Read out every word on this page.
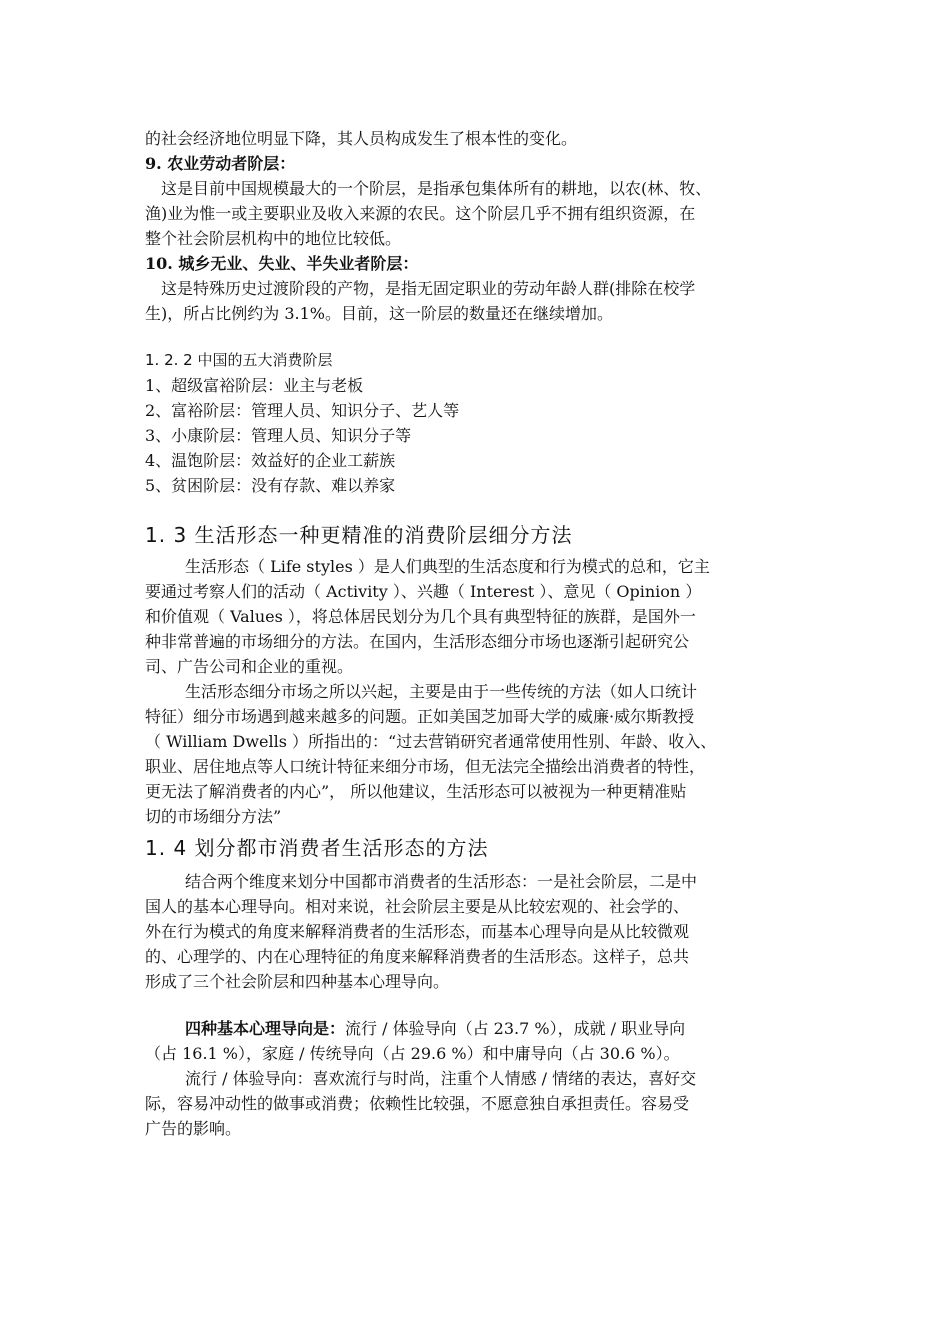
的社会经济地位明显下降，其人员构成发生了根本性的变化。
9. 农业劳动者阶层：
这是目前中国规模最大的一个阶层，是指承包集体所有的耕地，以农(林、牧、
渔)业为惟一或主要职业及收入来源的农民。这个阶层几乎不拥有组织资源，在
整个社会阶层机构中的地位比较低。
10. 城乡无业、失业、半失业者阶层：
这是特殊历史过渡阶段的产物，是指无固定职业的劳动年龄人群(排除在校学
生)，所占比例约为 3.1%。目前，这一阶层的数量还在继续增加。
1. 2. 2 中国的五大消费阶层
1、超级富裕阶层：业主与老板
2、富裕阶层：管理人员、知识分子、艺人等
3、小康阶层：管理人员、知识分子等
4、温饱阶层：效益好的企业工薪族
5、贫困阶层：没有存款、难以养家
1. 3 生活形态一种更精准的消费阶层细分方法
生活形态（ Life styles ）是人们典型的生活态度和行为模式的总和，它主
要通过考察人们的活动（ Activity ）、兴趣（ Interest ）、意见（ Opinion ）
和价值观（ Values ），将总体居民划分为几个具有典型特征的族群，是国外一
种非常普遍的市场细分的方法。在国内，生活形态细分市场也逐渐引起研究公
司、广告公司和企业的重视。
生活形态细分市场之所以兴起，主要是由于一些传统的方法（如人口统计
特征）细分市场遇到越来越多的问题。正如美国芝加哥大学的威廉·威尔斯教授
（ William Dwells ）所指出的：“过去营销研究者通常使用性别、年龄、收入、
职业、居住地点等人口统计特征来细分市场，但无法完全描绘出消费者的特性，
更无法了解消费者的内心”， 所以他建议，生活形态可以被视为一种更精准贴
切的市场细分方法”
1. 4 划分都市消费者生活形态的方法
结合两个维度来划分中国都市消费者的生活形态：一是社会阶层，二是中
国人的基本心理导向。相对来说，社会阶层主要是从比较宏观的、社会学的、
外在行为模式的角度来解释消费者的生活形态，而基本心理导向是从比较微观
的、心理学的、内在心理特征的角度来解释消费者的生活形态。这样子，总共
形成了三个社会阶层和四种基本心理导向。
四种基本心理导向是：流行 / 体验导向（占 23.7 %），成就 / 职业导向
（占 16.1 %），家庭 / 传统导向（占 29.6 %）和中庸导向（占 30.6 %）。
流行 / 体验导向：喜欢流行与时尚，注重个人情感 / 情绪的表达，喜好交
际，容易冲动性的做事或消费；依赖性比较强，不愿意独自承担责任。容易受
广告的影响。
